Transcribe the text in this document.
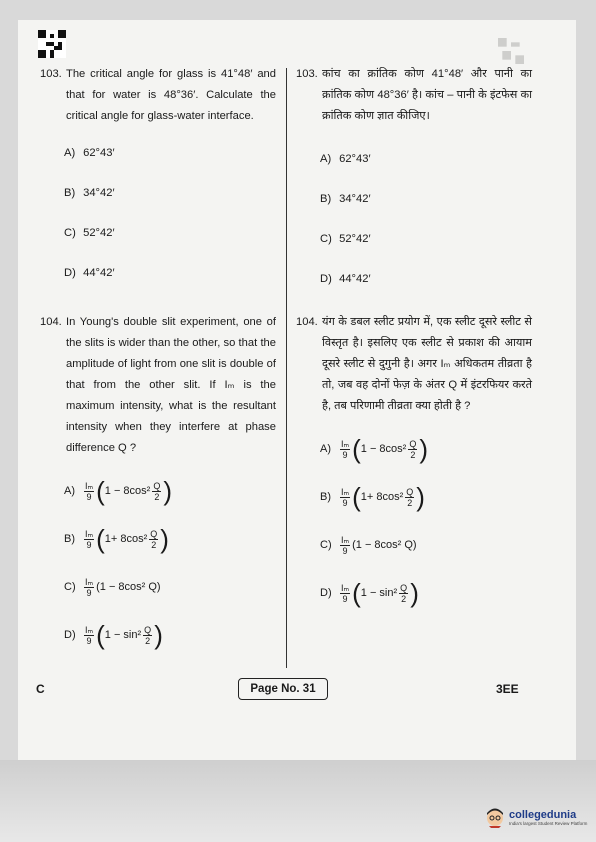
103. The critical angle for glass is 41°48′ and that for water is 48°36′. Calculate the critical angle for glass-water interface.
A)
62°43′
B)
34°42′
C)
52°42′
D)
44°42′
104. In Young's double slit experiment, one of the slits is wider than the other, so that the amplitude of light from one slit is double of that from the other slit. If Iₘ is the maximum intensity, what is the resultant intensity when they interfere at phase difference Q ?
A)	$\frac{\text{Iₘ}}{9}$ ( $1 - 8\cos^2 \frac{Q}{2}$ )
B)	$\frac{\text{Iₘ}}{9}$ ( $1+ 8\cos^2 \frac{Q}{2}$ )
$C) \frac{\text{Iₘ}}{9} (1 - 8\cos^2$ Q)
$D) \frac{\text{Iₘ}}{9}$ ( $1 - \sin^2 \frac{Q}{2}$ )
103. कांच का क्रांतिक कोण 41°48′ और पानी का क्रांतिक कोण 48°36′ है। कांच – पानी के इंटफेस का क्रांतिक कोण ज्ञात कीजिए।
A)
62°43′
B)
34°42′
C)
52°42′
D)
44°42′
104. यंग के डबल स्लीट प्रयोग में, एक स्लीट दूसरे स्लीट से विस्तृत है। इसलिए एक स्लीट से प्रकाश की आयाम दूसरे स्लीट से दुगुनी है। अगर Iₘ अधिकतम तीव्रता है तो, जब वह दोनों फेज़ के अंतर Q में इंटरफियर करते है, तब परिणामी तीव्रता क्या होती है ?
A)	$\frac{\text{Iₘ}}{9}$ ( $1 - 8\cos^2 \frac{Q}{2}$ )
B)	$\frac{\text{Iₘ}}{9}$ ( $1+ 8\cos^2 \frac{Q}{2}$ )
$C) \frac{\text{Iₘ}}{9} (1 - 8\cos^2$ Q)
$D) \frac{\text{Iₘ}}{9}$ ( $1 - \sin^2 \frac{Q}{2}$ )
C	Page No. 31	3EE
collegedunia
India's largest Student Review Platform
